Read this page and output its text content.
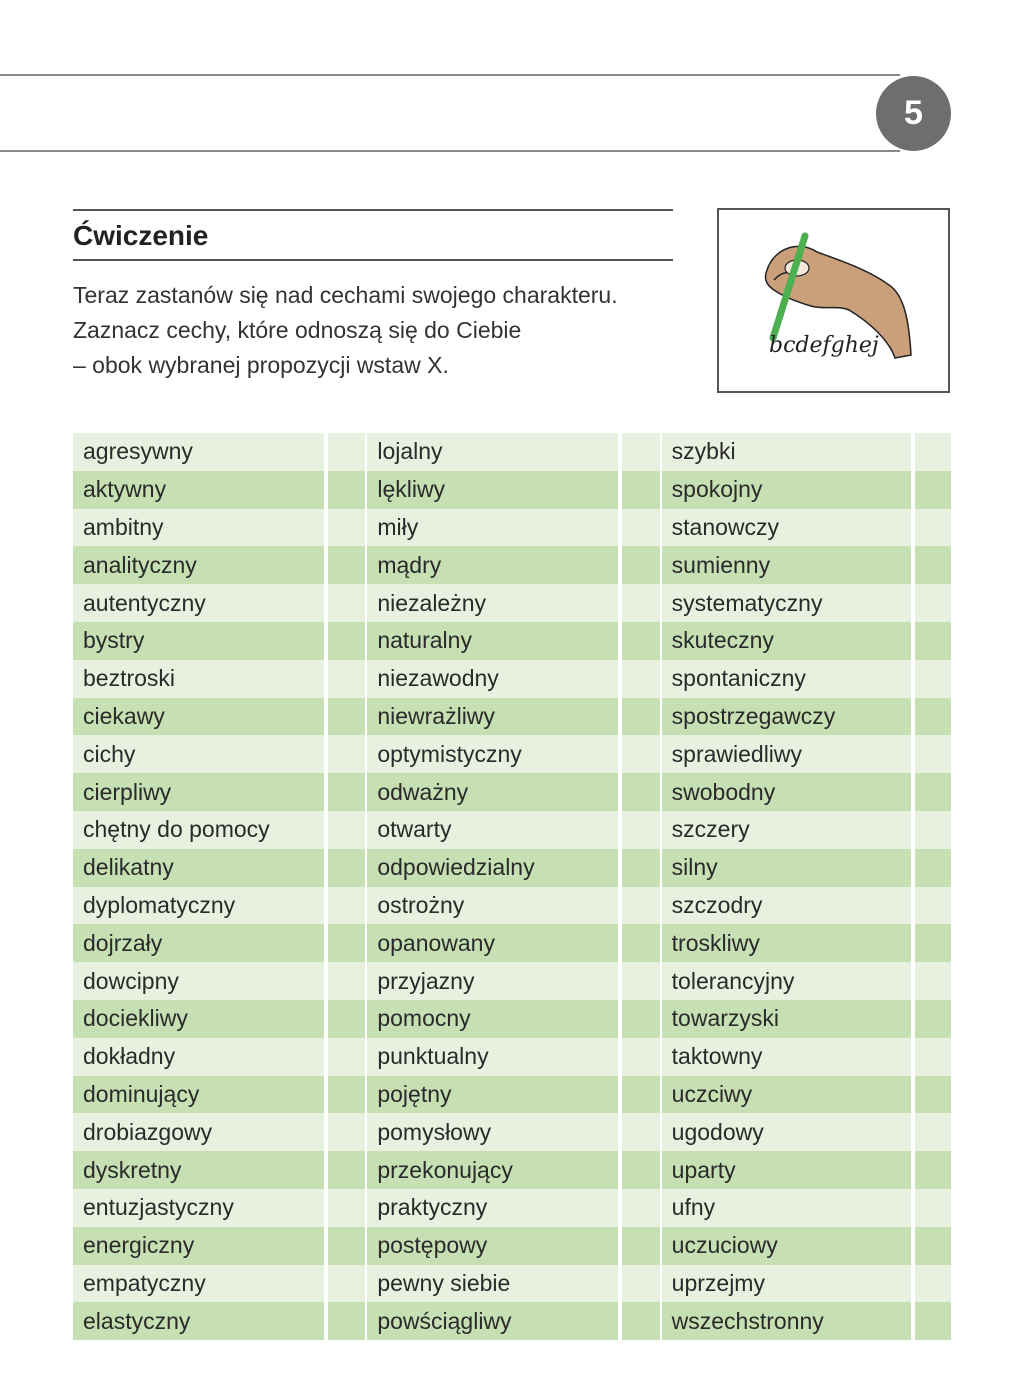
5
Ćwiczenie
Teraz zastanów się nad cechami swojego charakteru.
Zaznacz cechy, które odnoszą się do Ciebie
– obok wybranej propozycji wstaw X.
bcdefghej
agresywny	lojalny	szybki
aktywny	lękliwy	spokojny
ambitny	miły	stanowczy
analityczny	mądry	sumienny
autentyczny	niezależny	systematyczny
bystry	naturalny	skuteczny
beztroski	niezawodny	spontaniczny
ciekawy	niewrażliwy	spostrzegawczy
cichy	optymistyczny	sprawiedliwy
cierpliwy	odważny	swobodny
chętny do pomocy	otwarty	szczery
delikatny	odpowiedzialny	silny
dyplomatyczny	ostrożny	szczodry
dojrzały	opanowany	troskliwy
dowcipny	przyjazny	tolerancyjny
dociekliwy	pomocny	towarzyski
dokładny	punktualny	taktowny
dominujący	pojętny	uczciwy
drobiazgowy	pomysłowy	ugodowy
dyskretny	przekonujący	uparty
entuzjastyczny	praktyczny	ufny
energiczny	postępowy	uczuciowy
empatyczny	pewny siebie	uprzejmy
elastyczny	powściągliwy	wszechstronny
